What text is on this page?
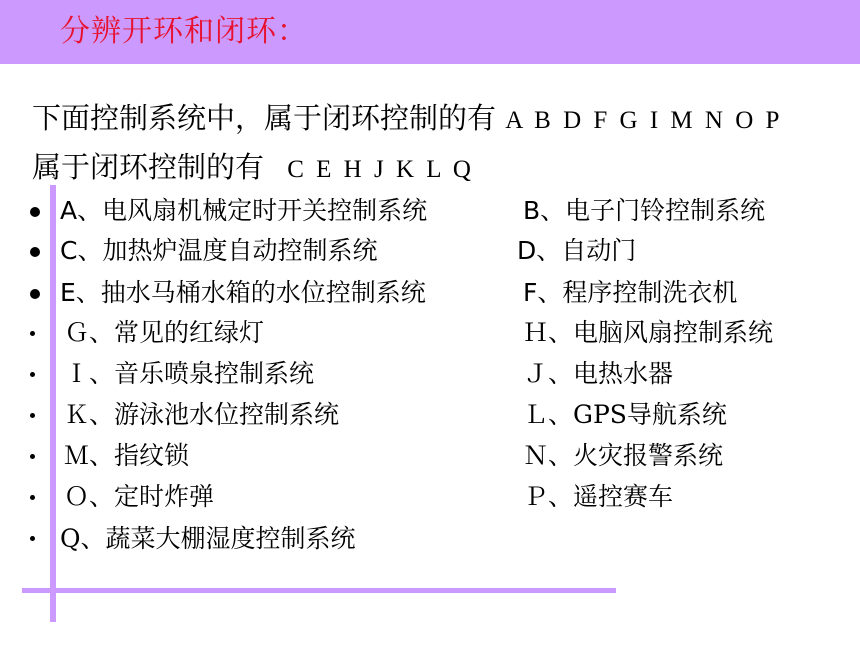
分辨开环和闭环：
下面控制系统中，属于闭环控制的有 A B D F G I M N O P
属于闭环控制的有 C E H J K L Q
A、电风扇机械定时开关控制系统	B、电子门铃控制系统
C、加热炉温度自动控制系统	D、自动门
E、抽水马桶水箱的水位控制系统	F、程序控制洗衣机
Ｇ、常见的红绿灯	Ｈ、电脑风扇控制系统
Ｉ、音乐喷泉控制系统	Ｊ、电热水器
Ｋ、游泳池水位控制系统	Ｌ、GPS导航系统
Ｍ、指纹锁	Ｎ、火灾报警系统
Ｏ、定时炸弹	Ｐ、遥控赛车
Q、蔬菜大棚湿度控制系统
